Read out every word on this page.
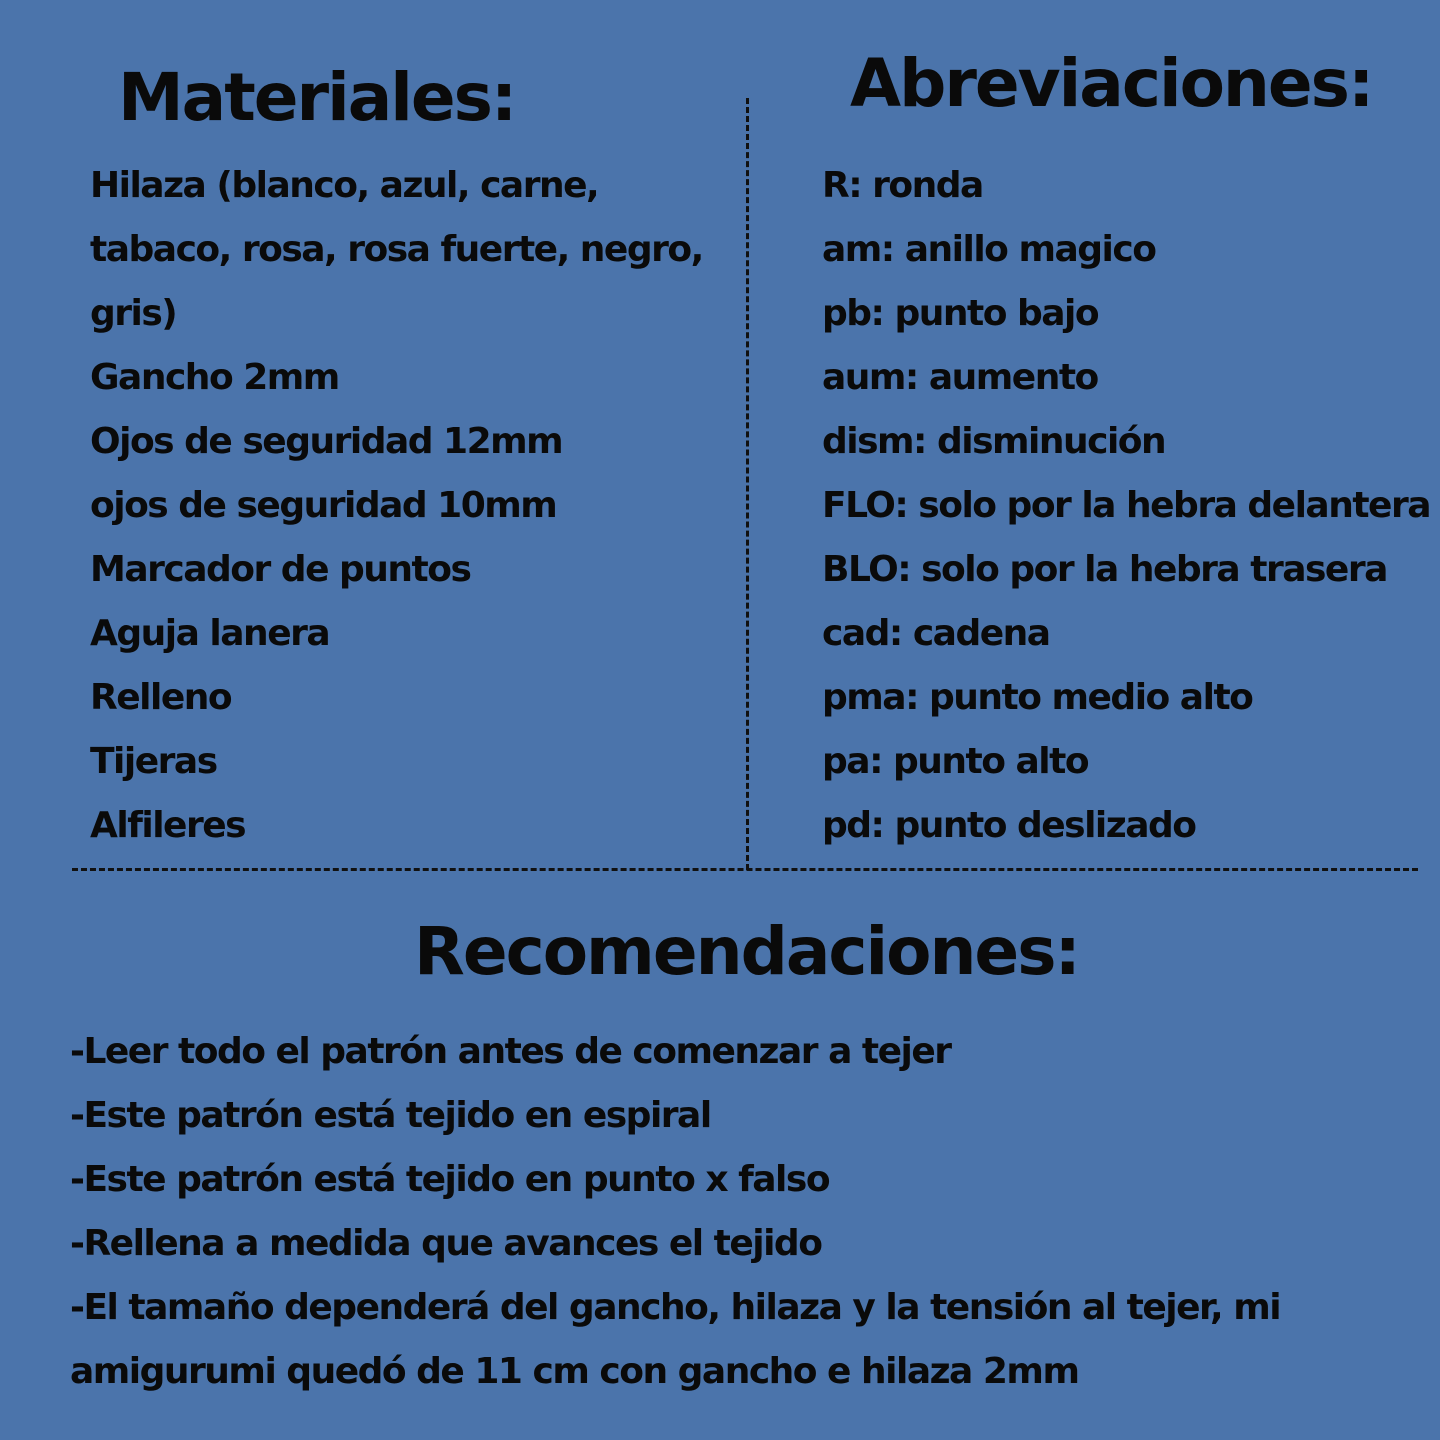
Materiales:
Hilaza (blanco, azul, carne, tabaco, rosa, rosa fuerte, negro, gris)
Gancho 2mm
Ojos de seguridad 12mm
ojos de seguridad 10mm
Marcador de puntos
Aguja lanera
Relleno
Tijeras
Alfileres
Abreviaciones:
R: ronda
am: anillo magico
pb: punto bajo
aum: aumento
dism: disminución
FLO: solo por la hebra delantera
BLO: solo por la hebra trasera
cad: cadena
pma: punto medio alto
pa: punto alto
pd: punto deslizado
Recomendaciones:
-Leer todo el patrón antes de comenzar a tejer
-Este patrón está tejido en espiral
-Este patrón está tejido en punto x falso
-Rellena a medida que avances el tejido
-El tamaño dependerá del gancho, hilaza y la tensión al tejer, mi amigurumi quedó de 11 cm con gancho e hilaza 2mm
